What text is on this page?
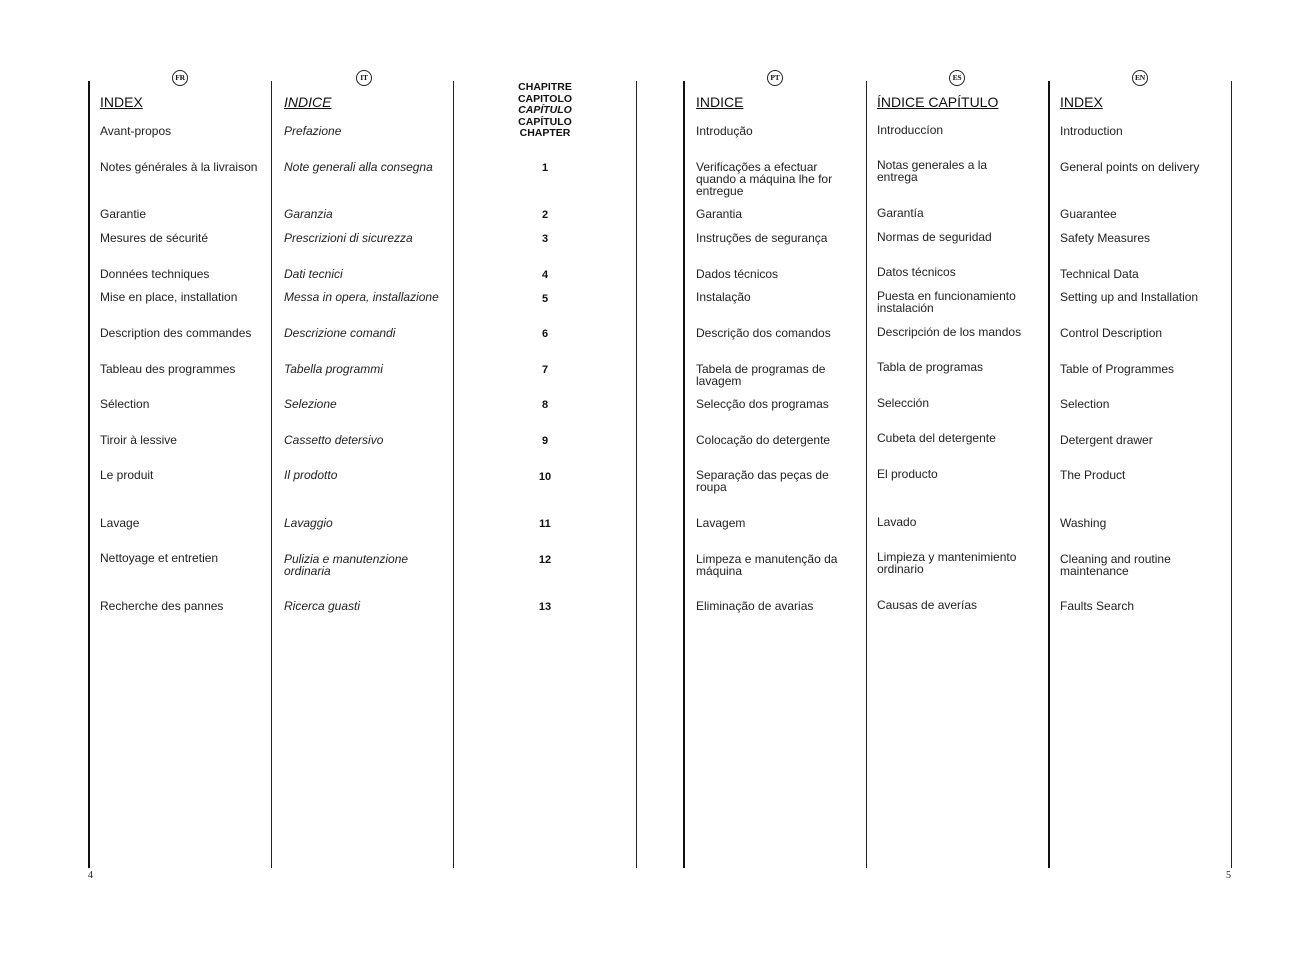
FR
INDEX
Avant-propos
Notes générales à la livraison
Garantie
Mesures de sécurité
Données techniques
Mise en place, installation
Description des commandes
Tableau des programmes
Sélection
Tiroir à lessive
Le produit
Lavage
Nettoyage et entretien
Recherche des pannes
IT
INDICE
Prefazione
Note generali alla consegna
Garanzia
Prescrizioni di sicurezza
Dati tecnici
Messa in opera, installazione
Descrizione comandi
Tabella programmi
Selezione
Cassetto detersivo
Il prodotto
Lavaggio
Pulizia e manutenzione ordinaria
Ricerca guasti
CHAPITRE
CAPITOLO
CAPÍTULO
CAPÍTULO
CHAPTER
1
2
3
4
5
6
7
8
9
10
11
12
13
PT
INDICE
Introdução
Verificações a efectuar quando a máquina lhe for entregue
Garantia
Instruções de segurança
Dados técnicos
Instalação
Descrição dos comandos
Tabela de programas de lavagem
Selecção dos programas
Colocação do detergente
Separação das peças de roupa
Lavagem
Limpeza e manutenção da máquina
Eliminação de avarias
ES
ÍNDICE CAPÍTULO
Introduccíon
Notas generales a la entrega
Garantía
Normas de seguridad
Datos técnicos
Puesta en funcionamiento instalación
Descripción de los mandos
Tabla de programas
Selección
Cubeta del detergente
El producto
Lavado
Limpieza y mantenimiento ordinario
Causas de averías
EN
INDEX
Introduction
General points on delivery
Guarantee
Safety Measures
Technical Data
Setting up and Installation
Control Description
Table of Programmes
Selection
Detergent drawer
The Product
Washing
Cleaning and routine maintenance
Faults Search
4	5
